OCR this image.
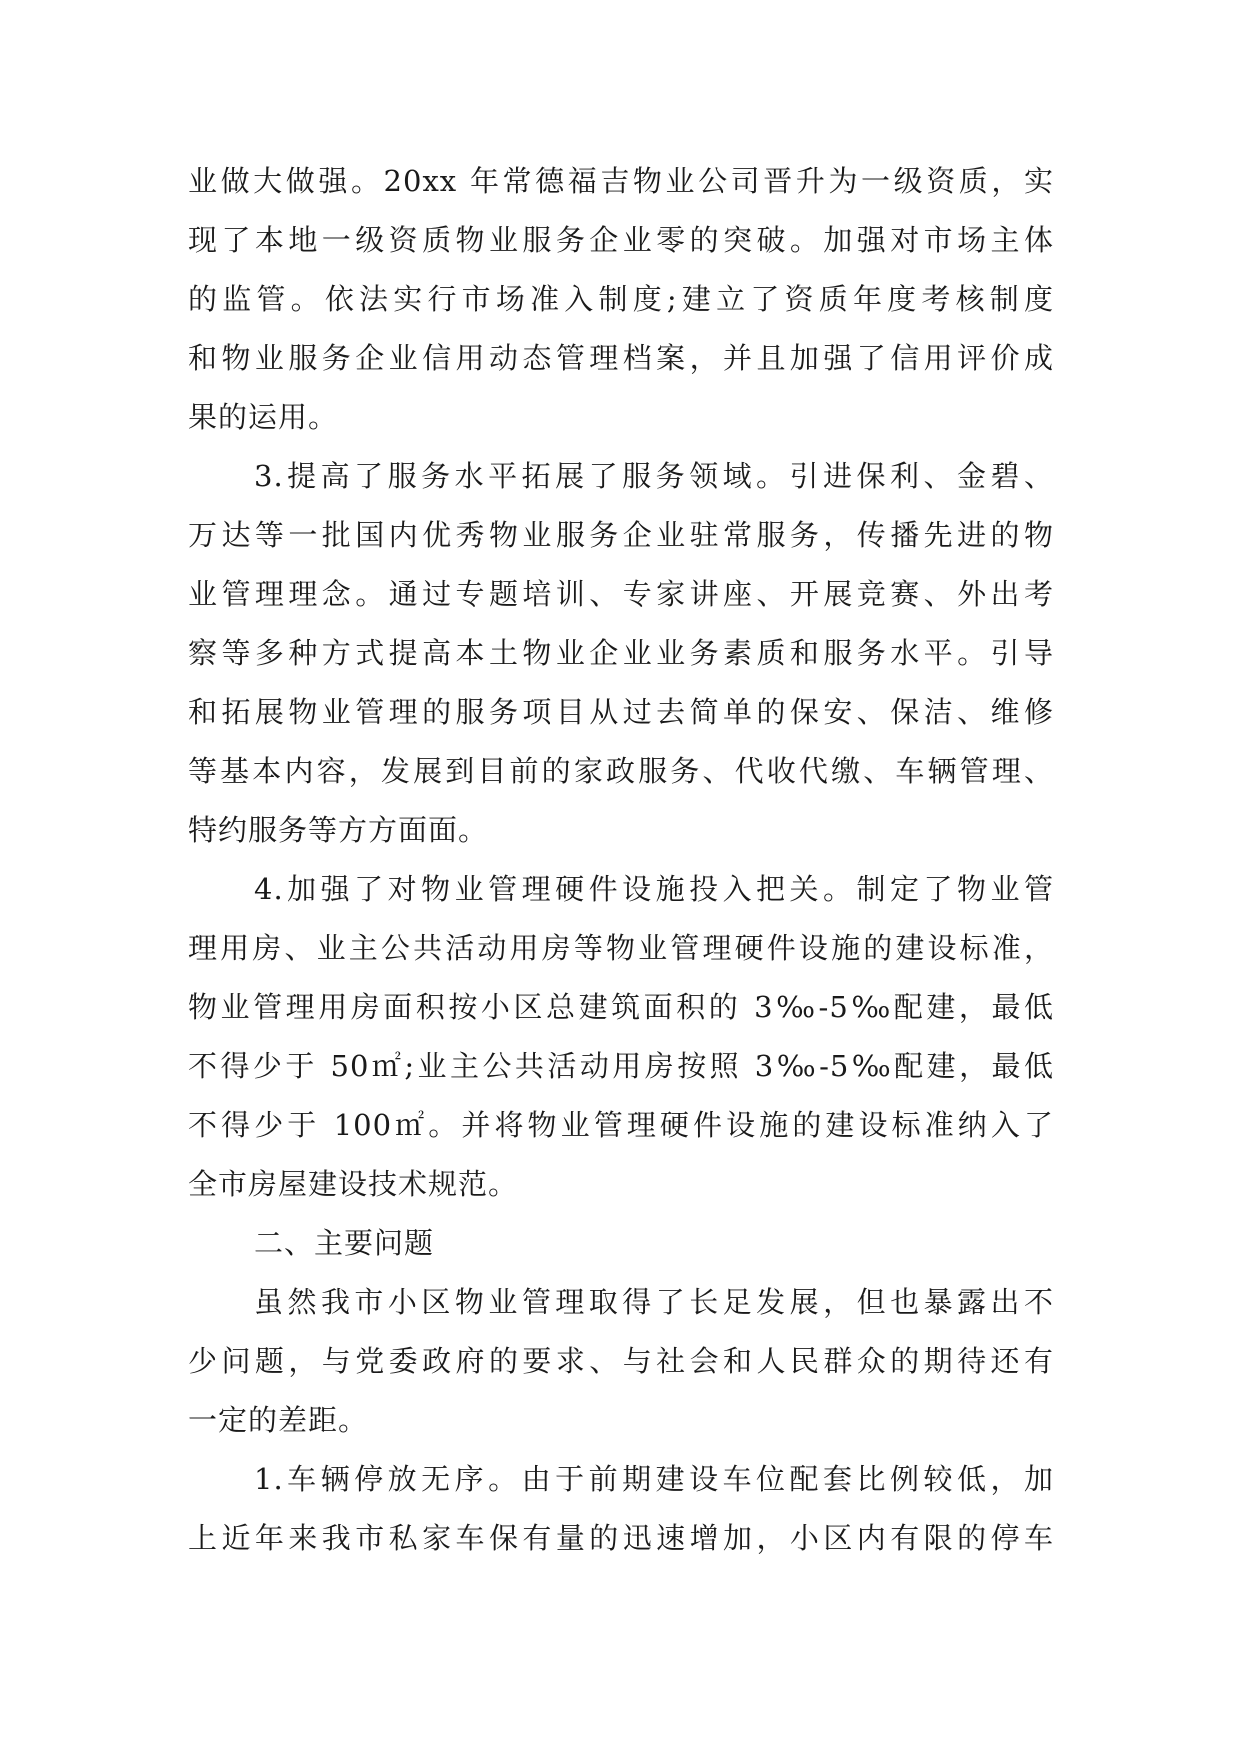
业做大做强。20xx 年常德福吉物业公司晋升为一级资质，实
现了本地一级资质物业服务企业零的突破。加强对市场主体
的监管。依法实行市场准入制度;建立了资质年度考核制度
和物业服务企业信用动态管理档案，并且加强了信用评价成
果的运用。
3.提高了服务水平拓展了服务领域。引进保利、金碧、
万达等一批国内优秀物业服务企业驻常服务，传播先进的物
业管理理念。通过专题培训、专家讲座、开展竞赛、外出考
察等多种方式提高本土物业企业业务素质和服务水平。引导
和拓展物业管理的服务项目从过去简单的保安、保洁、维修
等基本内容，发展到目前的家政服务、代收代缴、车辆管理、
特约服务等方方面面。
4.加强了对物业管理硬件设施投入把关。制定了物业管
理用房、业主公共活动用房等物业管理硬件设施的建设标准，
物业管理用房面积按小区总建筑面积的 3‰-5‰配建，最低
不得少于 50㎡;业主公共活动用房按照 3‰-5‰配建，最低
不得少于 100㎡。并将物业管理硬件设施的建设标准纳入了
全市房屋建设技术规范。
二、主要问题
虽然我市小区物业管理取得了长足发展，但也暴露出不
少问题，与党委政府的要求、与社会和人民群众的期待还有
一定的差距。
1.车辆停放无序。由于前期建设车位配套比例较低，加
上近年来我市私家车保有量的迅速增加，小区内有限的停车
